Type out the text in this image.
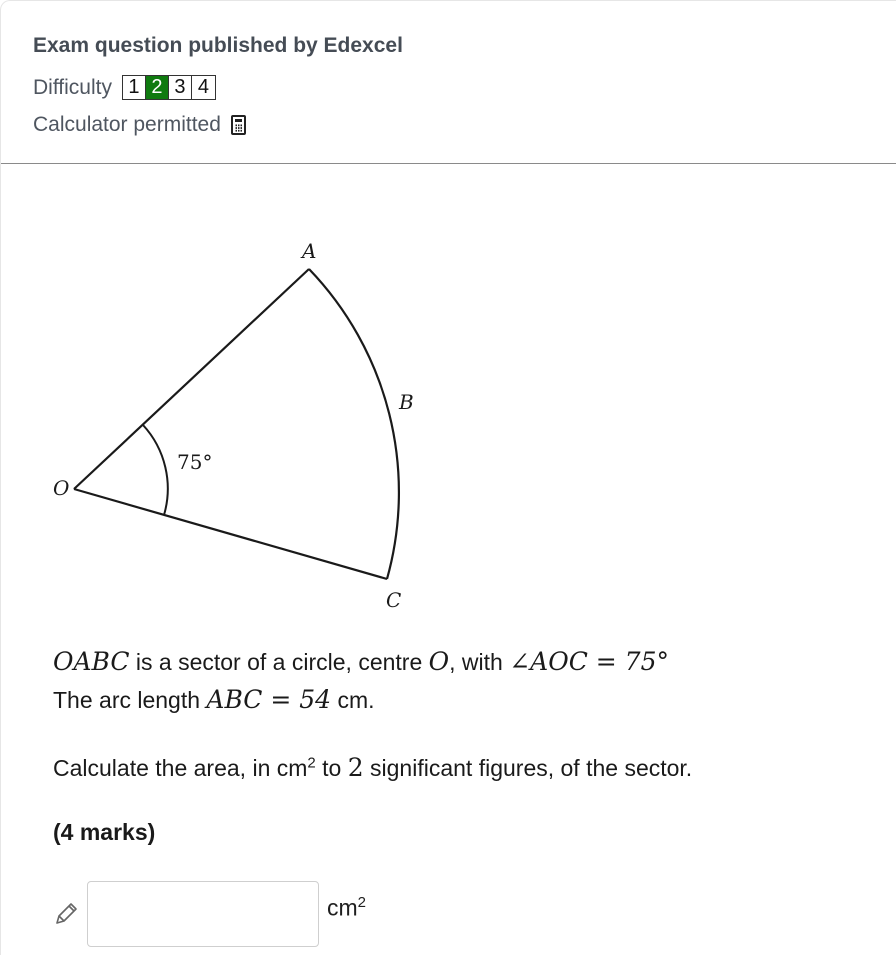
Exam question published by Edexcel
Difficulty 1 2 3 4
Calculator permitted
A
B
C
O
75°
OABC is a sector of a circle, centre O, with ∠AOC = 75°
The arc length ABC = 54 cm.
Calculate the area, in $cm^2$ to 2 significant figures, of the sector.
(4 marks)
$cm^2$
